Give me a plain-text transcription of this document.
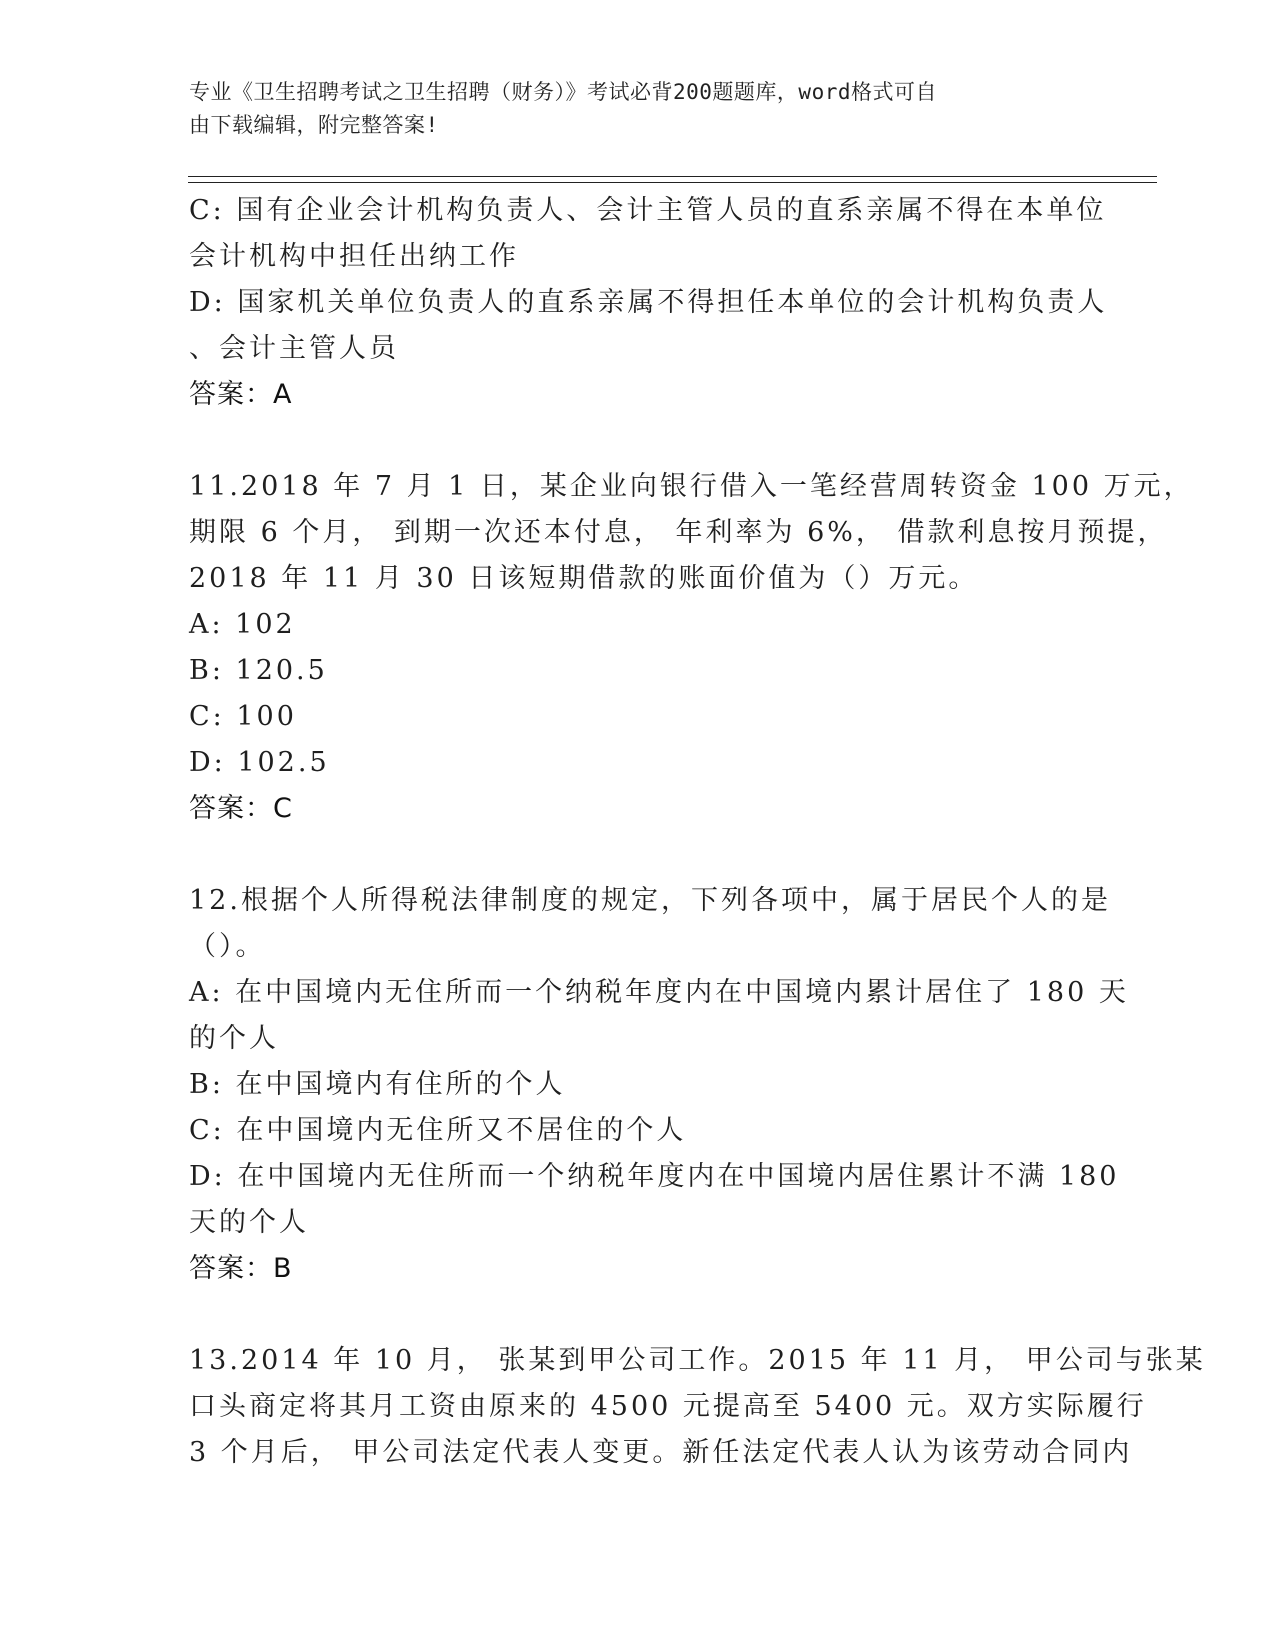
专业《卫生招聘考试之卫生招聘（财务）》考试必背200题题库，word格式可自
由下载编辑，附完整答案!
C: 国有企业会计机构负责人、会计主管人员的直系亲属不得在本单位
会计机构中担任出纳工作
D: 国家机关单位负责人的直系亲属不得担任本单位的会计机构负责人
、会计主管人员
答案：A
11.2018 年 7 月 1 日，某企业向银行借入一笔经营周转资金 100 万元，
期限 6 个月， 到期一次还本付息， 年利率为 6%， 借款利息按月预提，
2018 年 11 月 30 日该短期借款的账面价值为（）万元。
A: 102
B: 120.5
C: 100
D: 102.5
答案：C
12.根据个人所得税法律制度的规定，下列各项中，属于居民个人的是
（）。
A: 在中国境内无住所而一个纳税年度内在中国境内累计居住了 180 天
的个人
B: 在中国境内有住所的个人
C: 在中国境内无住所又不居住的个人
D: 在中国境内无住所而一个纳税年度内在中国境内居住累计不满 180
天的个人
答案：B
13.2014 年 10 月， 张某到甲公司工作。2015 年 11 月， 甲公司与张某
口头商定将其月工资由原来的 4500 元提高至 5400 元。双方实际履行
3 个月后， 甲公司法定代表人变更。新任法定代表人认为该劳动合同内
